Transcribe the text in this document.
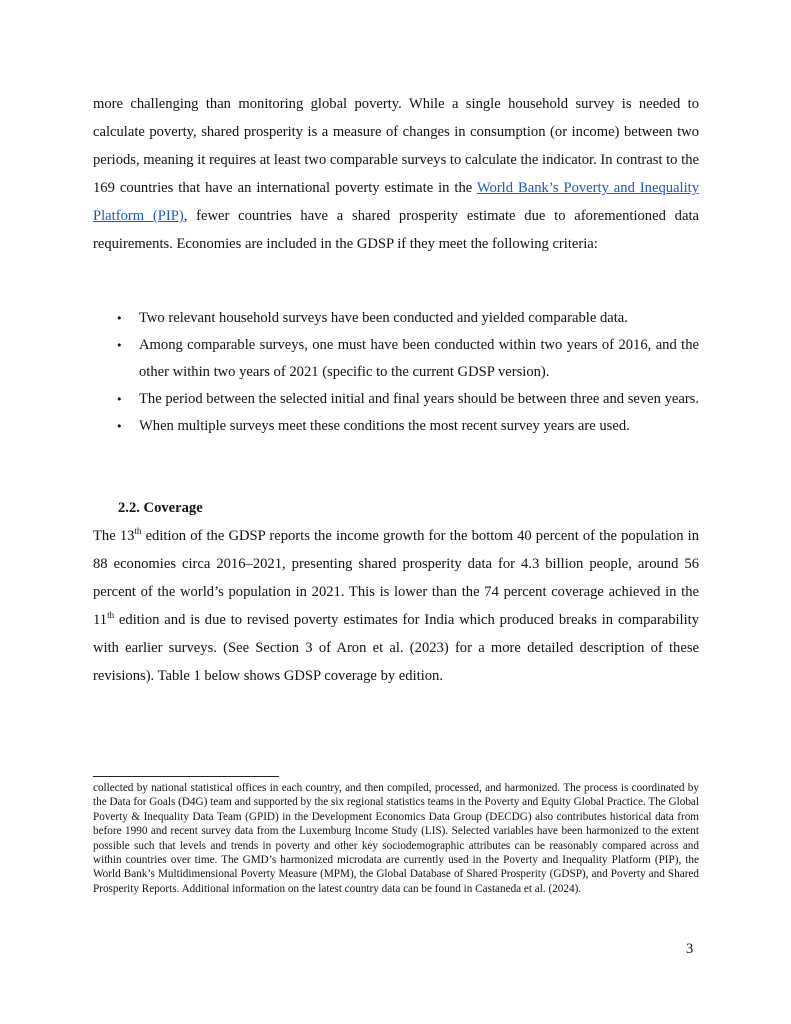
more challenging than monitoring global poverty. While a single household survey is needed to calculate poverty, shared prosperity is a measure of changes in consumption (or income) between two periods, meaning it requires at least two comparable surveys to calculate the indicator. In contrast to the 169 countries that have an international poverty estimate in the World Bank’s Poverty and Inequality Platform (PIP), fewer countries have a shared prosperity estimate due to aforementioned data requirements. Economies are included in the GDSP if they meet the following criteria:

• Two relevant household surveys have been conducted and yielded comparable data.
• Among comparable surveys, one must have been conducted within two years of 2016, and the other within two years of 2021 (specific to the current GDSP version).
• The period between the selected initial and final years should be between three and seven years.
• When multiple surveys meet these conditions the most recent survey years are used.
2.2. Coverage

The 13th edition of the GDSP reports the income growth for the bottom 40 percent of the population in 88 economies circa 2016–2021, presenting shared prosperity data for 4.3 billion people, around 56 percent of the world’s population in 2021. This is lower than the 74 percent coverage achieved in the 11th edition and is due to revised poverty estimates for India which produced breaks in comparability with earlier surveys. (See Section 3 of Aron et al. (2023) for a more detailed description of these revisions). Table 1 below shows GDSP coverage by edition.

collected by national statistical offices in each country, and then compiled, processed, and harmonized. The process is coordinated by the Data for Goals (D4G) team and supported by the six regional statistics teams in the Poverty and Equity Global Practice. The Global Poverty & Inequality Data Team (GPID) in the Development Economics Data Group (DECDG) also contributes historical data from before 1990 and recent survey data from the Luxemburg Income Study (LIS). Selected variables have been harmonized to the extent possible such that levels and trends in poverty and other key sociodemographic attributes can be reasonably compared across and within countries over time. The GMD’s harmonized microdata are currently used in the Poverty and Inequality Platform (PIP), the World Bank’s Multidimensional Poverty Measure (MPM), the Global Database of Shared Prosperity (GDSP), and Poverty and Shared Prosperity Reports. Additional information on the latest country data can be found in Castaneda et al. (2024).

3
